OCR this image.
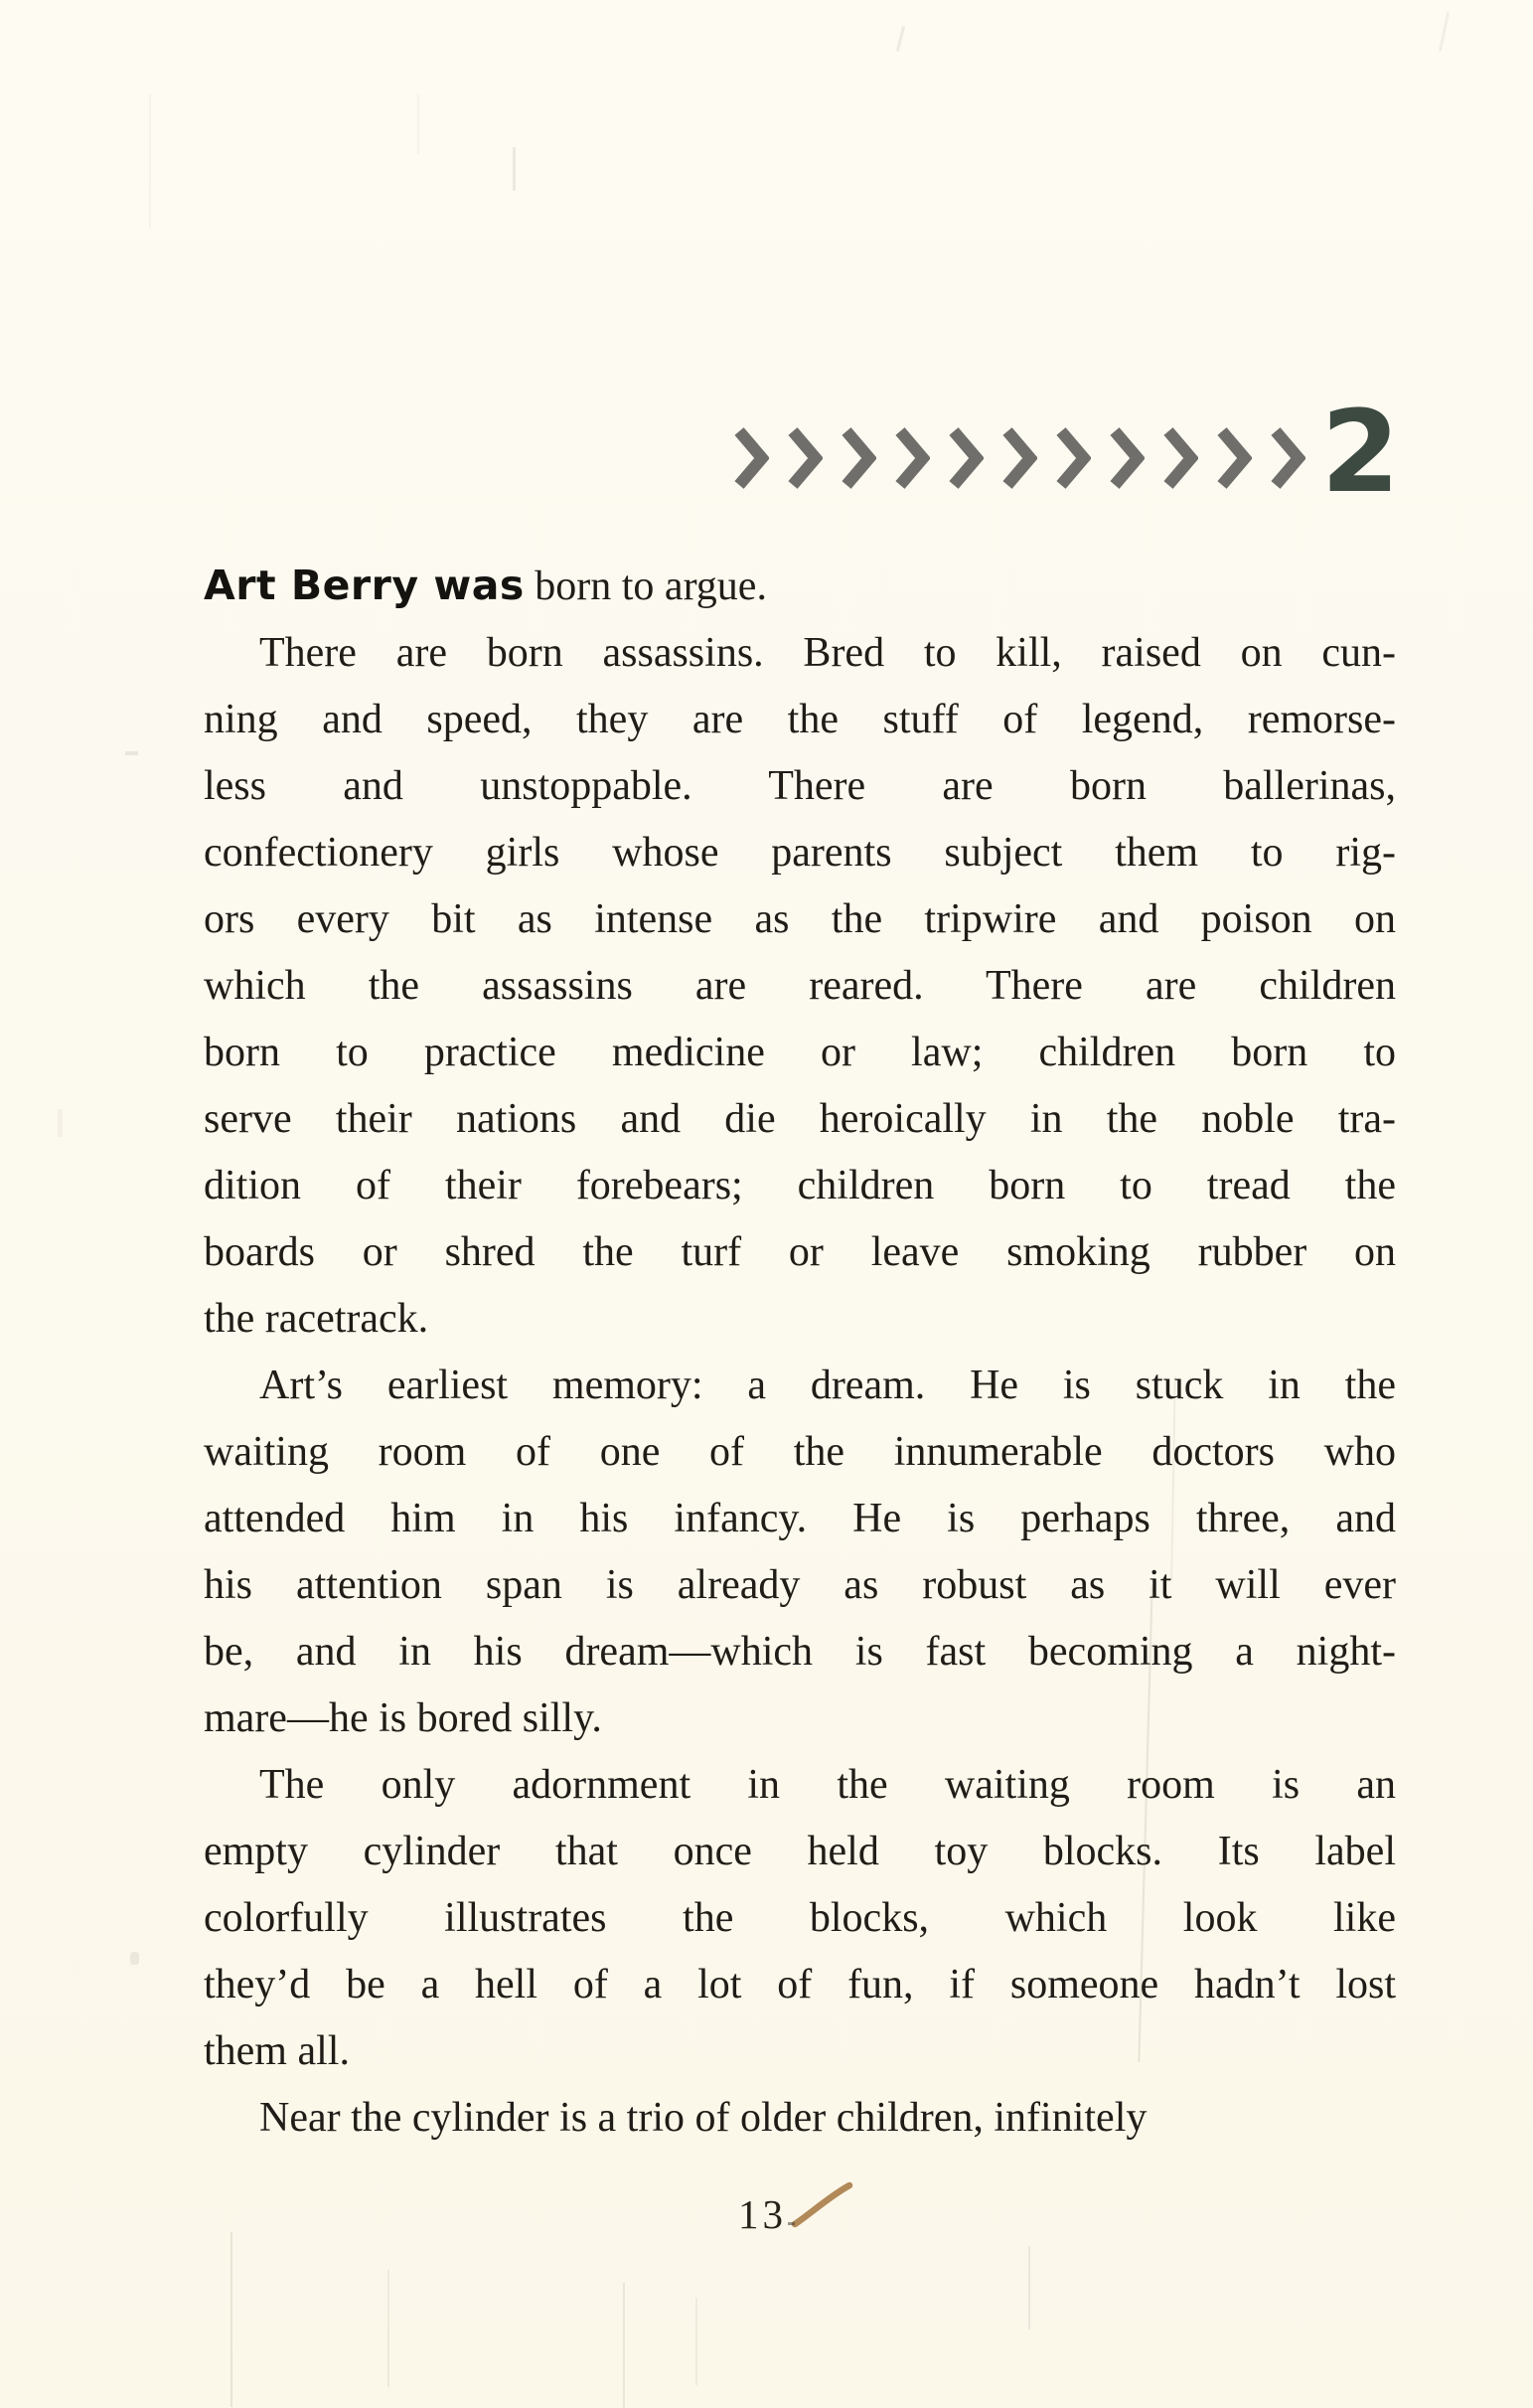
2
Art Berry was born to argue.
There are born assassins. Bred to kill, raised on cun-
ning and speed, they are the stuff of legend, remorse-
less and unstoppable. There are born ballerinas,
confectionery girls whose parents subject them to rig-
ors every bit as intense as the tripwire and poison on
which the assassins are reared. There are children
born to practice medicine or law; children born to
serve their nations and die heroically in the noble tra-
dition of their forebears; children born to tread the
boards or shred the turf or leave smoking rubber on
the racetrack.
Art’s earliest memory: a dream. He is stuck in the
waiting room of one of the innumerable doctors who
attended him in his infancy. He is perhaps three, and
his attention span is already as robust as it will ever
be, and in his dream—which is fast becoming a night-
mare—he is bored silly.
The only adornment in the waiting room is an
empty cylinder that once held toy blocks. Its label
colorfully illustrates the blocks, which look like
they’d be a hell of a lot of fun, if someone hadn’t lost
them all.
Near the cylinder is a trio of older children, infinitely
13
